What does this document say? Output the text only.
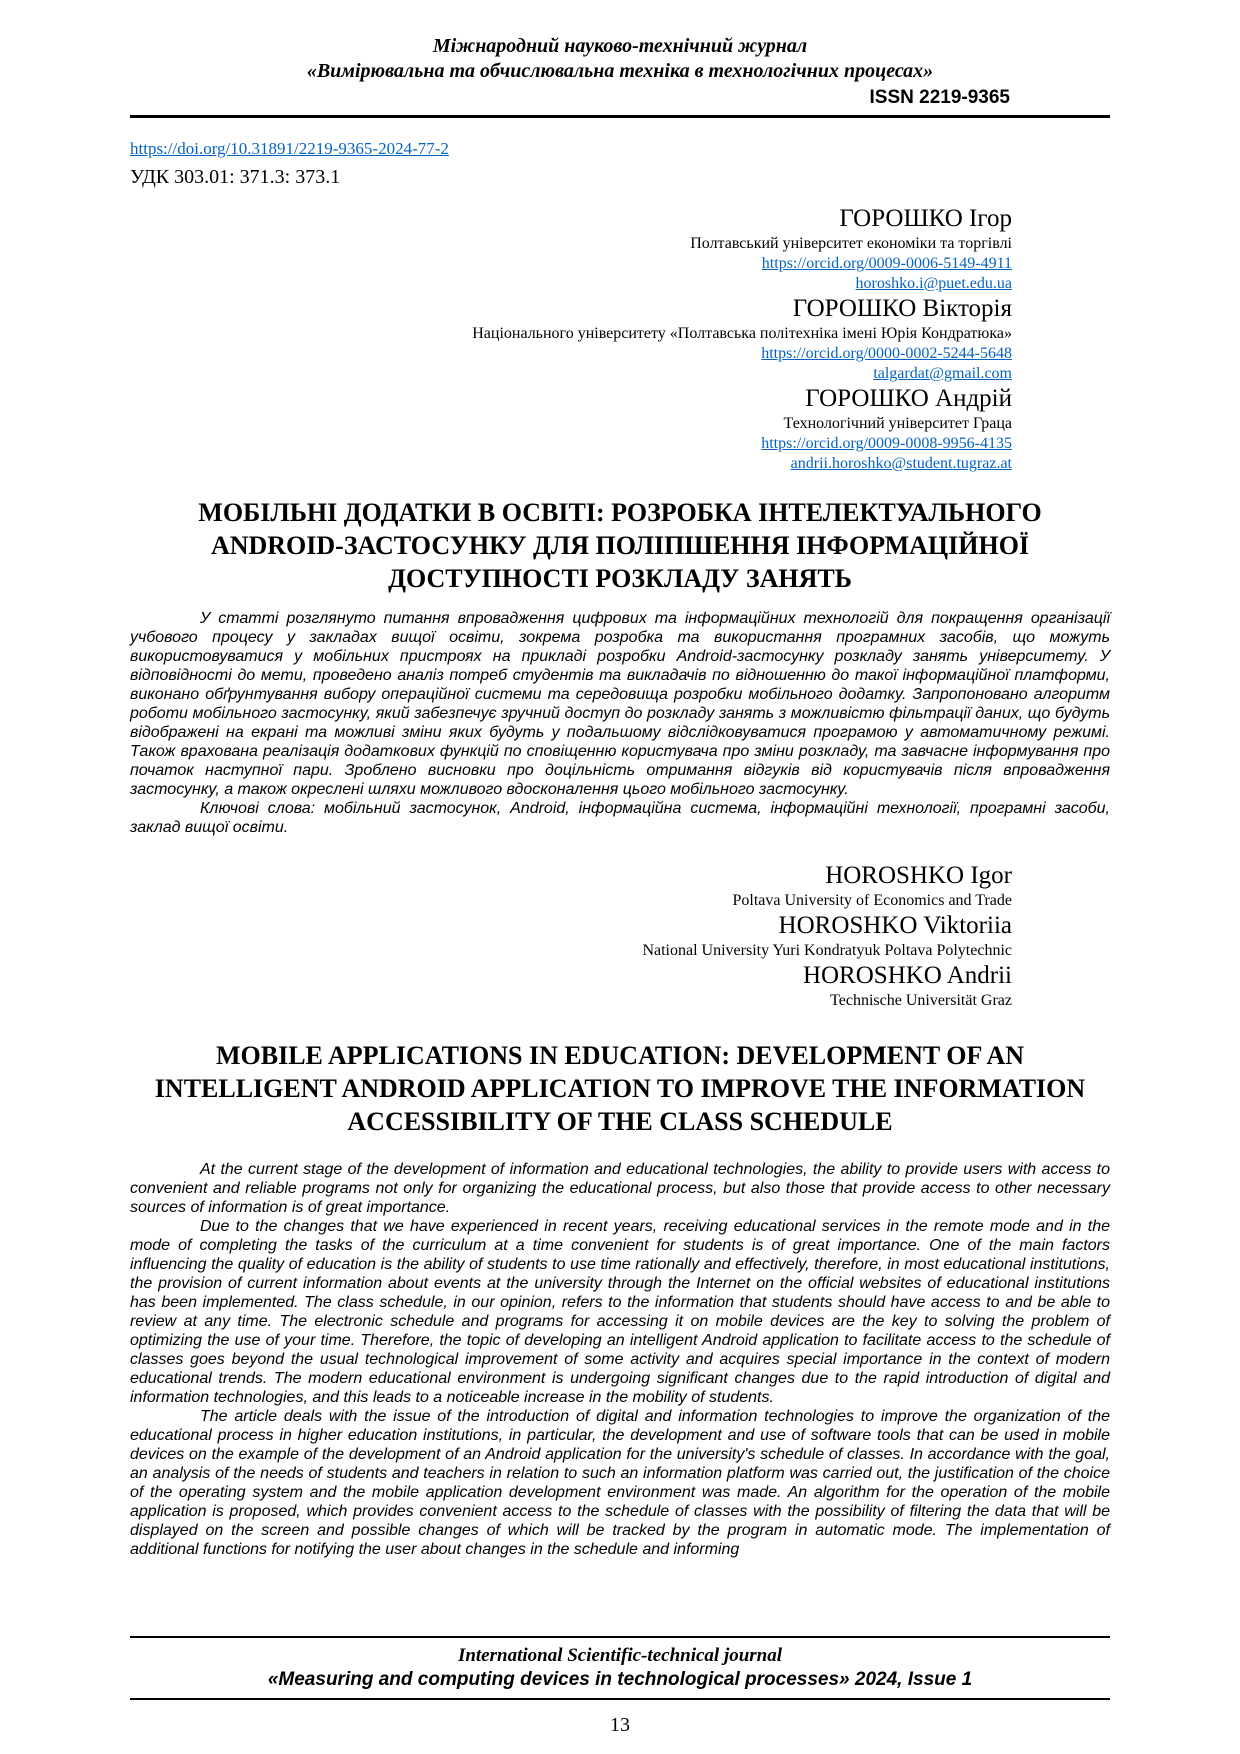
Міжнародний науково-технічний журнал
«Вимірювальна та обчислювальна техніка в технологічних процесах»
ISSN 2219-9365
https://doi.org/10.31891/2219-9365-2024-77-2
УДК 303.01: 371.3: 373.1
ГОРОШКО Ігор
Полтавський університет економіки та торгівлі
https://orcid.org/0009-0006-5149-4911
horoshko.i@puet.edu.ua
ГОРОШКО Вікторія
Національного університету «Полтавська політехніка імені Юрія Кондратюка»
https://orcid.org/0000-0002-5244-5648
talgardat@gmail.com
ГОРОШКО Андрій
Технологічний університет Граца
https://orcid.org/0009-0008-9956-4135
andrii.horoshko@student.tugraz.at
МОБІЛЬНІ ДОДАТКИ В ОСВІТІ: РОЗРОБКА ІНТЕЛЕКТУАЛЬНОГО ANDROID-ЗАСТОСУНКУ ДЛЯ ПОЛІПШЕННЯ ІНФОРМАЦІЙНОЇ ДОСТУПНОСТІ РОЗКЛАДУ ЗАНЯТЬ

У статті розглянуто питання впровадження цифрових та інформаційних технологій для покращення організації учбового процесу у закладах вищої освіти, зокрема розробка та використання програмних засобів, що можуть використовуватися у мобільних пристроях на прикладі розробки Android-застосунку розкладу занять університету. У відповідності до мети, проведено аналіз потреб студентів та викладачів по відношенню до такої інформаційної платформи, виконано обґрунтування вибору операційної системи та середовища розробки мобільного додатку. Запропоновано алгоритм роботи мобільного застосунку, який забезпечує зручний доступ до розкладу занять з можливістю фільтрації даних, що будуть відображені на екрані та можливі зміни яких будуть у подальшому відслідковуватися програмою у автоматичному режимі. Також врахована реалізація додаткових функцій по сповіщенню користувача про зміни розкладу, та завчасне інформування про початок наступної пари. Зроблено висновки про доцільність отримання відгуків від користувачів після впровадження застосунку, а також окреслені шляхи можливого вдосконалення цього мобільного застосунку.

Ключові слова: мобільний застосунок, Android, інформаційна система, інформаційні технології, програмні засоби, заклад вищої освіти.

HOROSHKO Igor
Poltava University of Economics and Trade
HOROSHKO Viktoriia
National University Yuri Kondratyuk Poltava Polytechnic
HOROSHKO Andrii
Technische Universität Graz
MOBILE APPLICATIONS IN EDUCATION: DEVELOPMENT OF AN INTELLIGENT ANDROID APPLICATION TO IMPROVE THE INFORMATION ACCESSIBILITY OF THE CLASS SCHEDULE

At the current stage of the development of information and educational technologies, the ability to provide users with access to convenient and reliable programs not only for organizing the educational process, but also those that provide access to other necessary sources of information is of great importance.

Due to the changes that we have experienced in recent years, receiving educational services in the remote mode and in the mode of completing the tasks of the curriculum at a time convenient for students is of great importance. One of the main factors influencing the quality of education is the ability of students to use time rationally and effectively, therefore, in most educational institutions, the provision of current information about events at the university through the Internet on the official websites of educational institutions has been implemented. The class schedule, in our opinion, refers to the information that students should have access to and be able to review at any time. The electronic schedule and programs for accessing it on mobile devices are the key to solving the problem of optimizing the use of your time. Therefore, the topic of developing an intelligent Android application to facilitate access to the schedule of classes goes beyond the usual technological improvement of some activity and acquires special importance in the context of modern educational trends. The modern educational environment is undergoing significant changes due to the rapid introduction of digital and information technologies, and this leads to a noticeable increase in the mobility of students.

The article deals with the issue of the introduction of digital and information technologies to improve the organization of the educational process in higher education institutions, in particular, the development and use of software tools that can be used in mobile devices on the example of the development of an Android application for the university's schedule of classes. In accordance with the goal, an analysis of the needs of students and teachers in relation to such an information platform was carried out, the justification of the choice of the operating system and the mobile application development environment was made. An algorithm for the operation of the mobile application is proposed, which provides convenient access to the schedule of classes with the possibility of filtering the data that will be displayed on the screen and possible changes of which will be tracked by the program in automatic mode. The implementation of additional functions for notifying the user about changes in the schedule and informing

International Scientific-technical journal
«Measuring and computing devices in technological processes» 2024, Issue 1
13
